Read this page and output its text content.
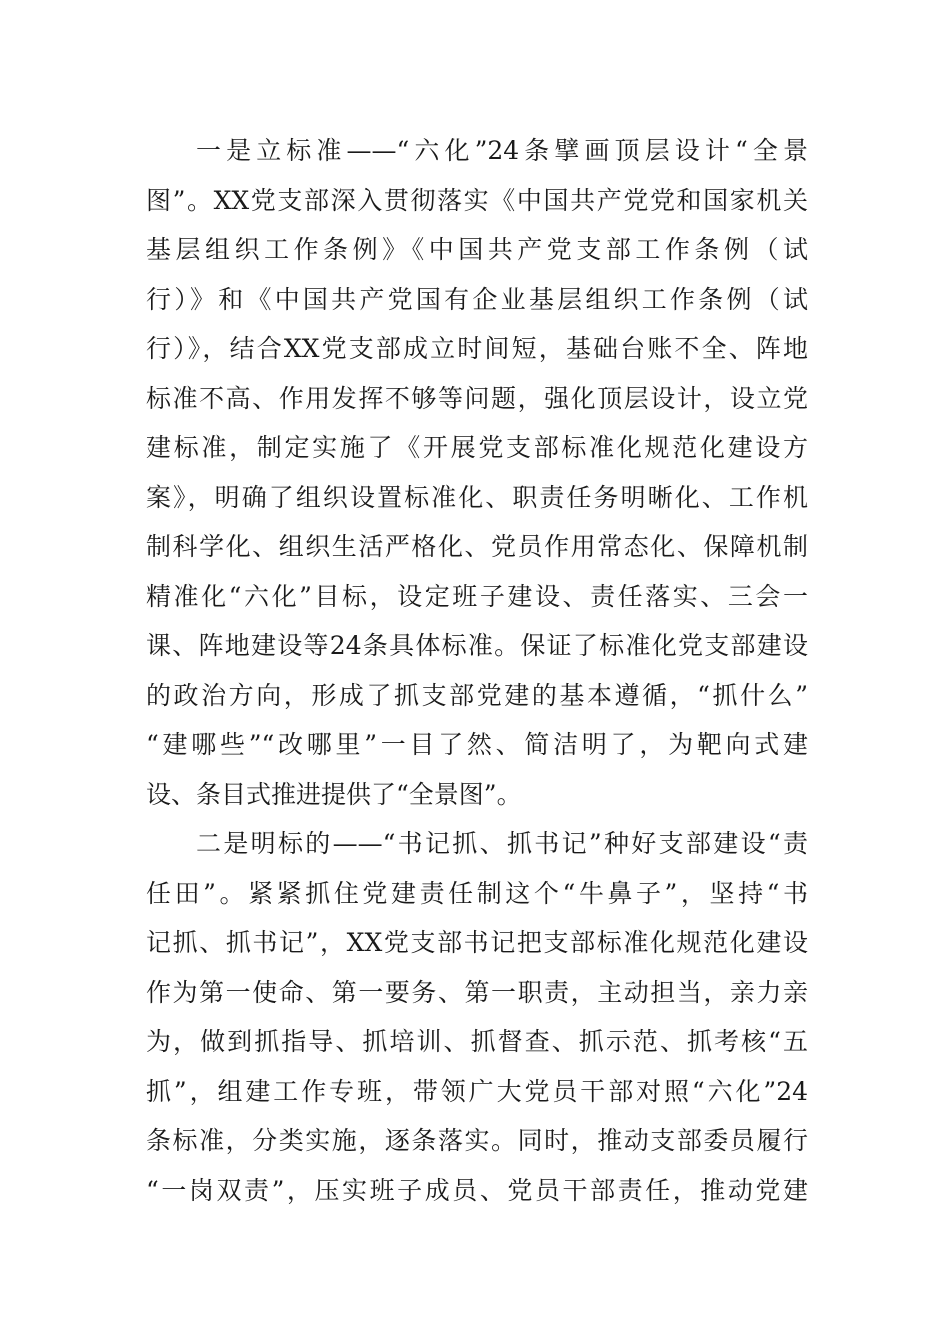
一是立标准——“六化”24条擘画顶层设计“全景
图”。XX党支部深入贯彻落实《中国共产党党和国家机关
基层组织工作条例》《中国共产党支部工作条例（试
行）》和《中国共产党国有企业基层组织工作条例（试
行）》，结合XX党支部成立时间短，基础台账不全、阵地
标准不高、作用发挥不够等问题，强化顶层设计，设立党
建标准，制定实施了《开展党支部标准化规范化建设方
案》，明确了组织设置标准化、职责任务明晰化、工作机
制科学化、组织生活严格化、党员作用常态化、保障机制
精准化“六化”目标，设定班子建设、责任落实、三会一
课、阵地建设等24条具体标准。保证了标准化党支部建设
的政治方向，形成了抓支部党建的基本遵循，“抓什么”
“建哪些”“改哪里”一目了然、简洁明了，为靶向式建
设、条目式推进提供了“全景图”。
二是明标的——“书记抓、抓书记”种好支部建设“责
任田”。紧紧抓住党建责任制这个“牛鼻子”，坚持“书
记抓、抓书记”，XX党支部书记把支部标准化规范化建设
作为第一使命、第一要务、第一职责，主动担当，亲力亲
为，做到抓指导、抓培训、抓督查、抓示范、抓考核“五
抓”，组建工作专班，带领广大党员干部对照“六化”24
条标准，分类实施，逐条落实。同时，推动支部委员履行
“一岗双责”，压实班子成员、党员干部责任，推动党建
